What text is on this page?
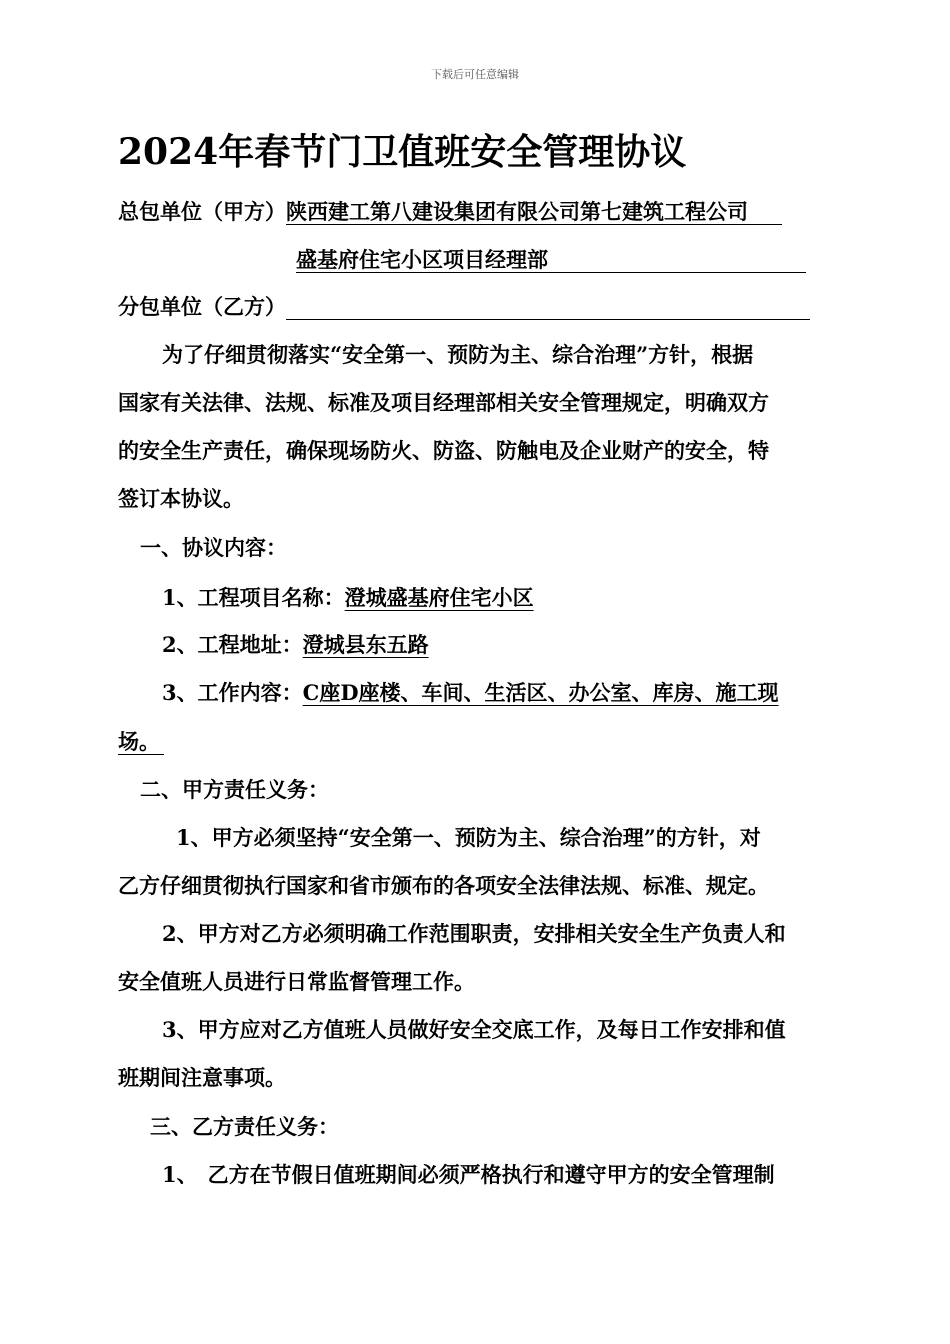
下载后可任意编辑
2024年春节门卫值班安全管理协议
总包单位（甲方）陕西建工第八建设集团有限公司第七建筑工程公司
盛基府住宅小区项目经理部
分包单位（乙方）
为了仔细贯彻落实“安全第一、预防为主、综合治理”方针，根据
国家有关法律、法规、标准及项目经理部相关安全管理规定，明确双方
的安全生产责任，确保现场防火、防盗、防触电及企业财产的安全，特
签订本协议。
一、协议内容：
1、工程项目名称：澄城盛基府住宅小区
2、工程地址：澄城县东五路
3、工作内容：C座D座楼、车间、生活区、办公室、库房、施工现
场。
二、甲方责任义务：
1、甲方必须坚持“安全第一、预防为主、综合治理”的方针，对
乙方仔细贯彻执行国家和省市颁布的各项安全法律法规、标准、规定。
2、甲方对乙方必须明确工作范围职责，安排相关安全生产负责人和
安全值班人员进行日常监督管理工作。
3、甲方应对乙方值班人员做好安全交底工作，及每日工作安排和值
班期间注意事项。
三、乙方责任义务：
1、 乙方在节假日值班期间必须严格执行和遵守甲方的安全管理制
